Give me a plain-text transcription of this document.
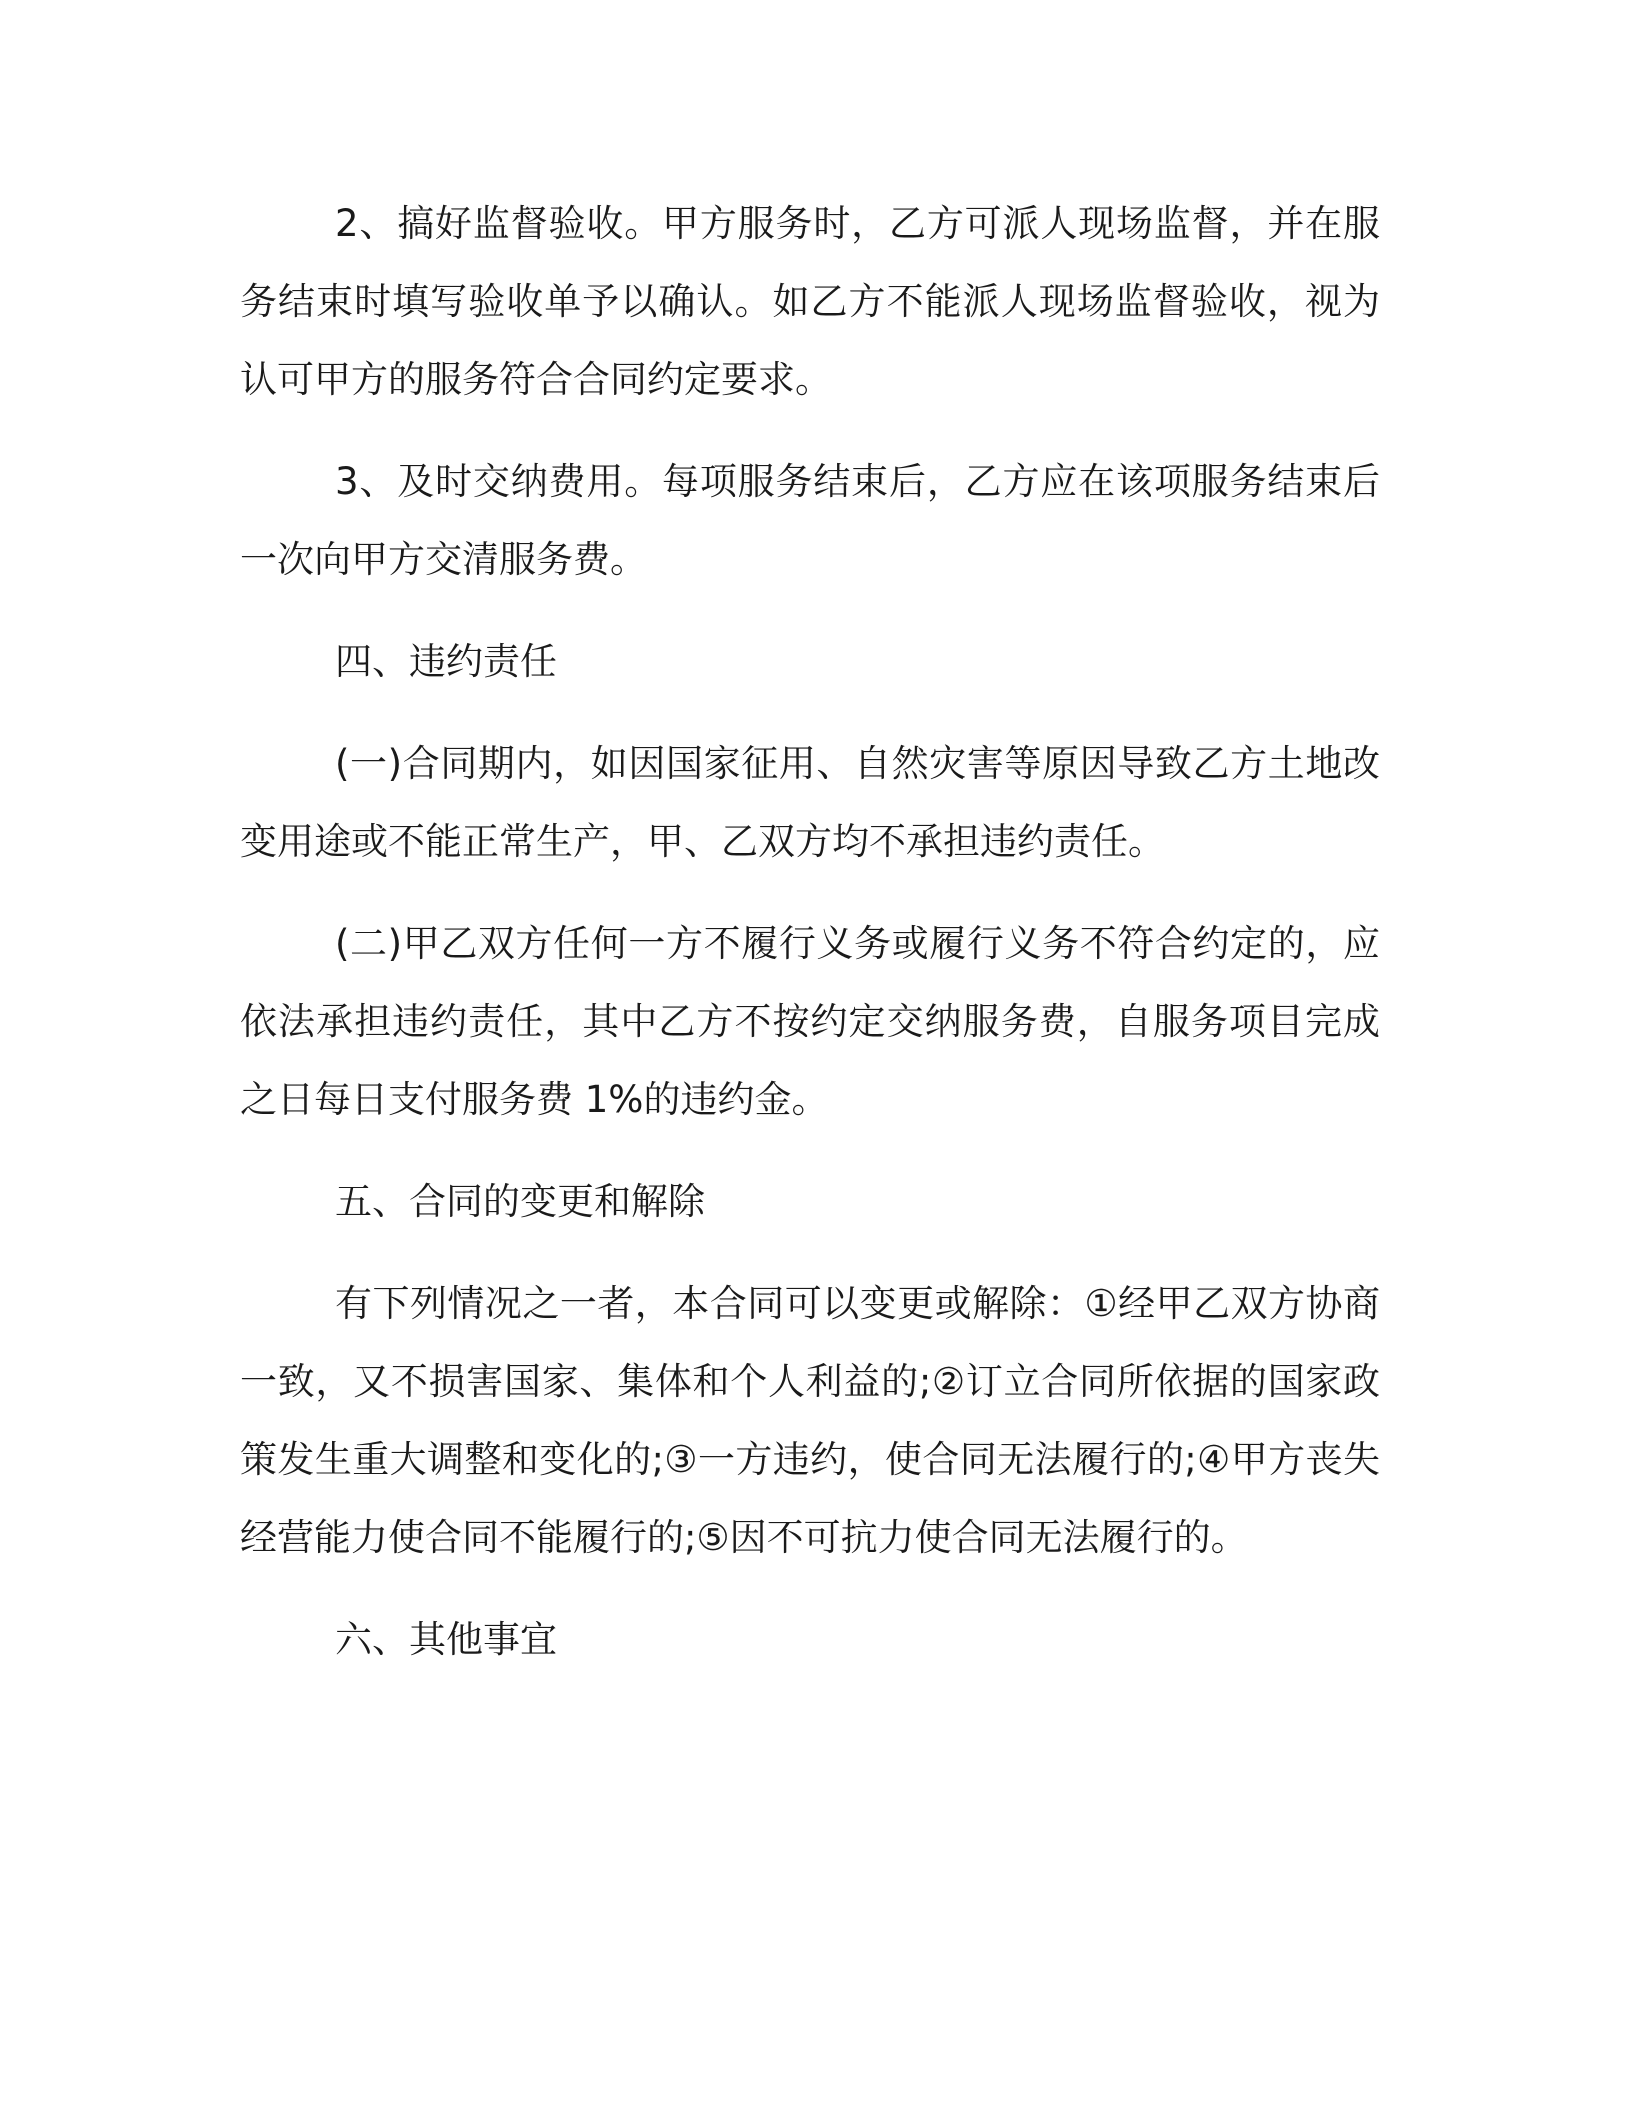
2、搞好监督验收。甲方服务时，乙方可派人现场监督，并在服务结束时填写验收单予以确认。如乙方不能派人现场监督验收，视为认可甲方的服务符合合同约定要求。

3、及时交纳费用。每项服务结束后，乙方应在该项服务结束后一次向甲方交清服务费。

四、违约责任

(一)合同期内，如因国家征用、自然灾害等原因导致乙方土地改变用途或不能正常生产，甲、乙双方均不承担违约责任。

(二)甲乙双方任何一方不履行义务或履行义务不符合约定的，应依法承担违约责任，其中乙方不按约定交纳服务费，自服务项目完成之日每日支付服务费 1%的违约金。

五、合同的变更和解除

有下列情况之一者，本合同可以变更或解除：①经甲乙双方协商一致，又不损害国家、集体和个人利益的;②订立合同所依据的国家政策发生重大调整和变化的;③一方违约，使合同无法履行的;④甲方丧失经营能力使合同不能履行的;⑤因不可抗力使合同无法履行的。

六、其他事宜
